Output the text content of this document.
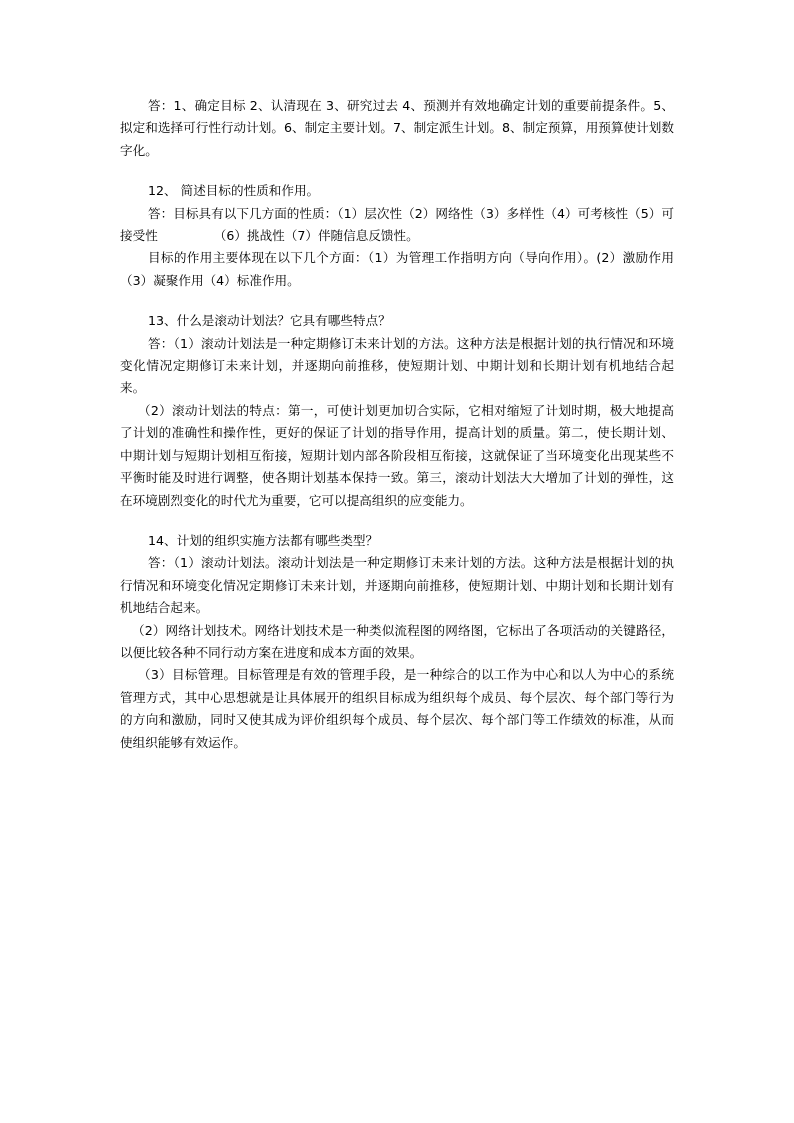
答：1、确定目标 2、认清现在 3、研究过去 4、预测并有效地确定计划的重要前提条件。5、拟定和选择可行性行动计划。6、制定主要计划。7、制定派生计划。8、制定预算，用预算使计划数字化。

12、 简述目标的性质和作用。

答：目标具有以下几方面的性质：（1）层次性（2）网络性（3）多样性（4）可考核性（5）可接受性	（6）挑战性（7）伴随信息反馈性。

目标的作用主要体现在以下几个方面：（1）为管理工作指明方向（导向作用）。(2）激励作用（3）凝聚作用（4）标准作用。

13、什么是滚动计划法？它具有哪些特点？

答：（1）滚动计划法是一种定期修订未来计划的方法。这种方法是根据计划的执行情况和环境变化情况定期修订未来计划，并逐期向前推移，使短期计划、中期计划和长期计划有机地结合起来。

（2）滚动计划法的特点：第一，可使计划更加切合实际，它相对缩短了计划时期，极大地提高了计划的准确性和操作性，更好的保证了计划的指导作用，提高计划的质量。第二，使长期计划、中期计划与短期计划相互衔接，短期计划内部各阶段相互衔接，这就保证了当环境变化出现某些不平衡时能及时进行调整，使各期计划基本保持一致。第三，滚动计划法大大增加了计划的弹性，这在环境剧烈变化的时代尤为重要，它可以提高组织的应变能力。

14、计划的组织实施方法都有哪些类型？

答：（1）滚动计划法。滚动计划法是一种定期修订未来计划的方法。这种方法是根据计划的执行情况和环境变化情况定期修订未来计划，并逐期向前推移，使短期计划、中期计划和长期计划有机地结合起来。

（2）网络计划技术。网络计划技术是一种类似流程图的网络图，它标出了各项活动的关键路径，以便比较各种不同行动方案在进度和成本方面的效果。

（3）目标管理。目标管理是有效的管理手段，是一种综合的以工作为中心和以人为中心的系统管理方式，其中心思想就是让具体展开的组织目标成为组织每个成员、每个层次、每个部门等行为的方向和激励，同时又使其成为评价组织每个成员、每个层次、每个部门等工作绩效的标准，从而使组织能够有效运作。
